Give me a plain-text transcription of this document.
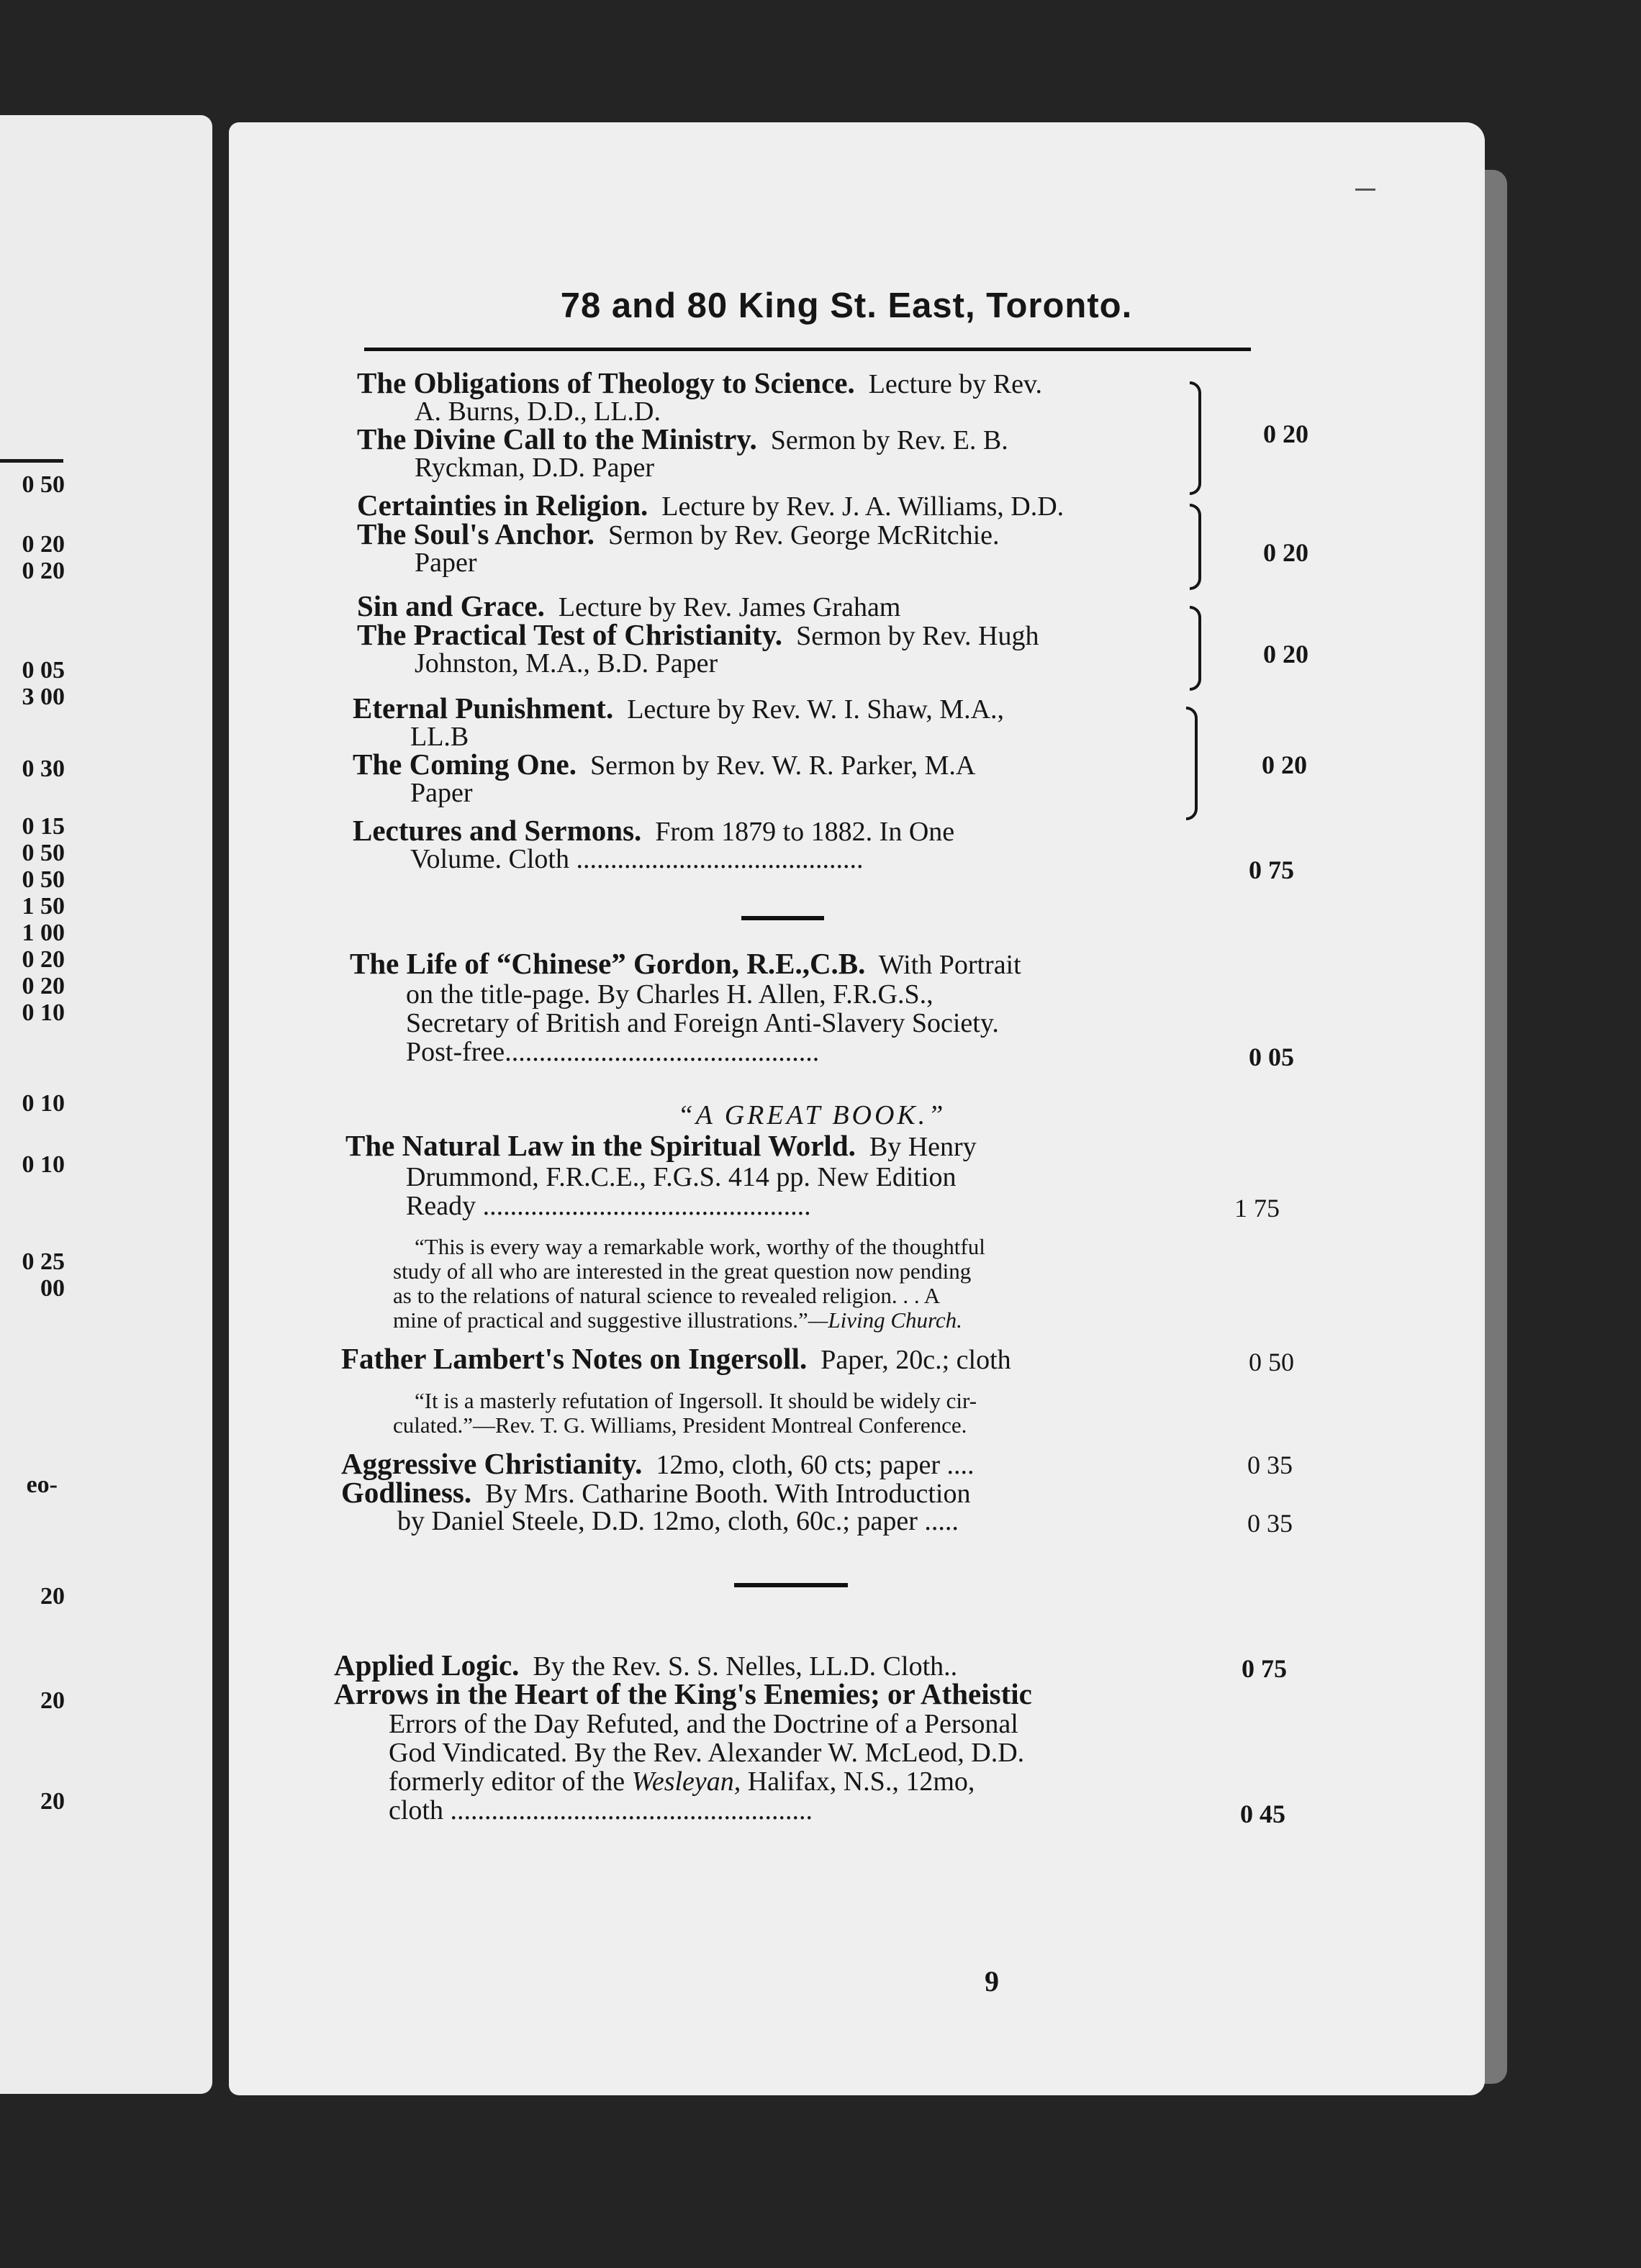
0 50
0 20
0 20
0 05
3 00
0 30
0 15
0 50
0 50
1 50
1 00
0 20
0 20
0 10
0 10
0 10
0 25
00
eo-
20
20
20
78 and 80 King St. East, Toronto.
The Obligations of Theology to Science. Lecture by Rev.
A. Burns, D.D., LL.D.
The Divine Call to the Ministry. Sermon by Rev. E. B.
Ryckman, D.D. Paper
0 20
Certainties in Religion. Lecture by Rev. J. A. Williams, D.D.
The Soul's Anchor. Sermon by Rev. George McRitchie.
Paper	0 20
Sin and Grace. Lecture by Rev. James Graham
The Practical Test of Christianity. Sermon by Rev. Hugh
Johnston, M.A., B.D. Paper	0 20
Eternal Punishment. Lecture by Rev. W. I. Shaw, M.A.,
LL.B
The Coming One. Sermon by Rev. W. R. Parker, M.A
Paper
0 20
Lectures and Sermons. From 1879 to 1882. In One
Volume. Cloth ..........................................	0 75
The Life of “Chinese” Gordon, R.E.,C.B. With Portrait
on the title-page. By Charles H. Allen, F.R.G.S.,
Secretary of British and Foreign Anti-Slavery Society.
Post-free..............................................	0 05
“A GREAT BOOK.”
The Natural Law in the Spiritual World. By Henry
Drummond, F.R.C.E., F.G.S. 414 pp. New Edition
Ready ................................................	1 75
“This is every way a remarkable work, worthy of the thoughtful
study of all who are interested in the great question now pending
as to the relations of natural science to revealed religion. . . A
mine of practical and suggestive illustrations.”—Living Church.
Father Lambert's Notes on Ingersoll. Paper, 20c.; cloth	0 50
“It is a masterly refutation of Ingersoll. It should be widely cir-
culated.”—Rev. T. G. Williams, President Montreal Conference.
Aggressive Christianity. 12mo, cloth, 60 cts; paper ....	0 35
Godliness. By Mrs. Catharine Booth. With Introduction
by Daniel Steele, D.D. 12mo, cloth, 60c.; paper .....	0 35
Applied Logic. By the Rev. S. S. Nelles, LL.D. Cloth..	0 75
Arrows in the Heart of the King's Enemies; or Atheistic
Errors of the Day Refuted, and the Doctrine of a Personal
God Vindicated. By the Rev. Alexander W. McLeod, D.D.
formerly editor of the Wesleyan, Halifax, N.S., 12mo,
cloth .....................................................	0 45
9
